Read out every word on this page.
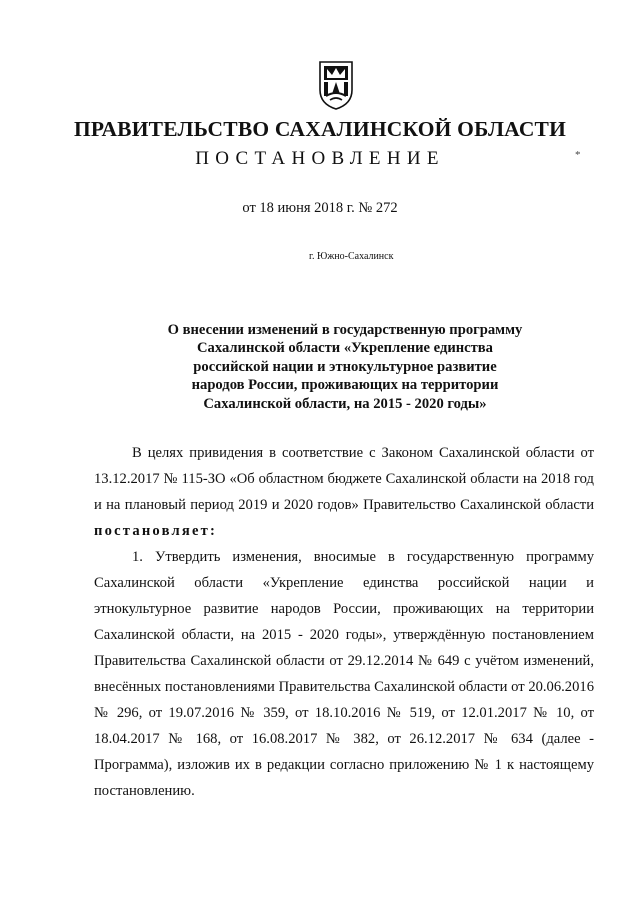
ПРАВИТЕЛЬСТВО САХАЛИНСКОЙ ОБЛАСТИ
ПОСТАНОВЛЕНИЕ	*
от 18 июня 2018 г. № 272
г. Южно-Сахалинск
О внесении изменений в государственную программу
Сахалинской области «Укрепление единства
российской нации и этнокультурное развитие
народов России, проживающих на территории
Сахалинской области, на 2015 - 2020 годы»

В целях привидения в соответствие с Законом Сахалинской области от 13.12.2017 № 115-ЗО «Об областном бюджете Сахалинской области на 2018 год и на плановый период 2019 и 2020 годов» Правительство Сахалинской области постановляет:

1. Утвердить изменения, вносимые в государственную программу Сахалинской области «Укрепление единства российской нации и этнокультурное развитие народов России, проживающих на территории Сахалинской области, на 2015 - 2020 годы», утверждённую постановлением Правительства Сахалинской области от 29.12.2014 № 649 с учётом изменений, внесённых постановлениями Правительства Сахалинской области от 20.06.2016 № 296, от 19.07.2016 № 359, от 18.10.2016 № 519, от 12.01.2017 № 10, от 18.04.2017 № 168, от 16.08.2017 № 382, от 26.12.2017 № 634 (далее - Программа), изложив их в редакции согласно приложению № 1 к настоящему постановлению.
